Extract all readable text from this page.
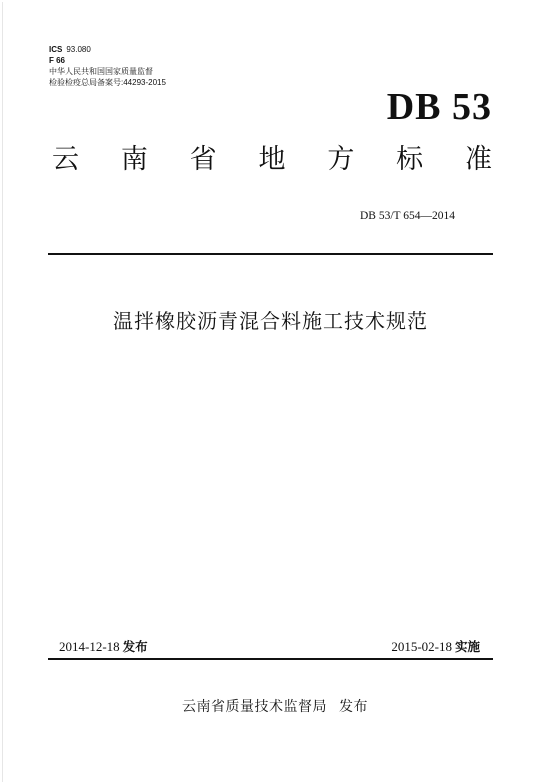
ICS 93.080
F 66
中华人民共和国国家质量监督
检验检疫总局备案号:44293-2015
DB 53
云 南 省 地 方 标 准
DB 53/T 654—2014
温拌橡胶沥青混合料施工技术规范
2014-12-18 发布	2015-02-18 实施
云南省质量技术监督局 发布
